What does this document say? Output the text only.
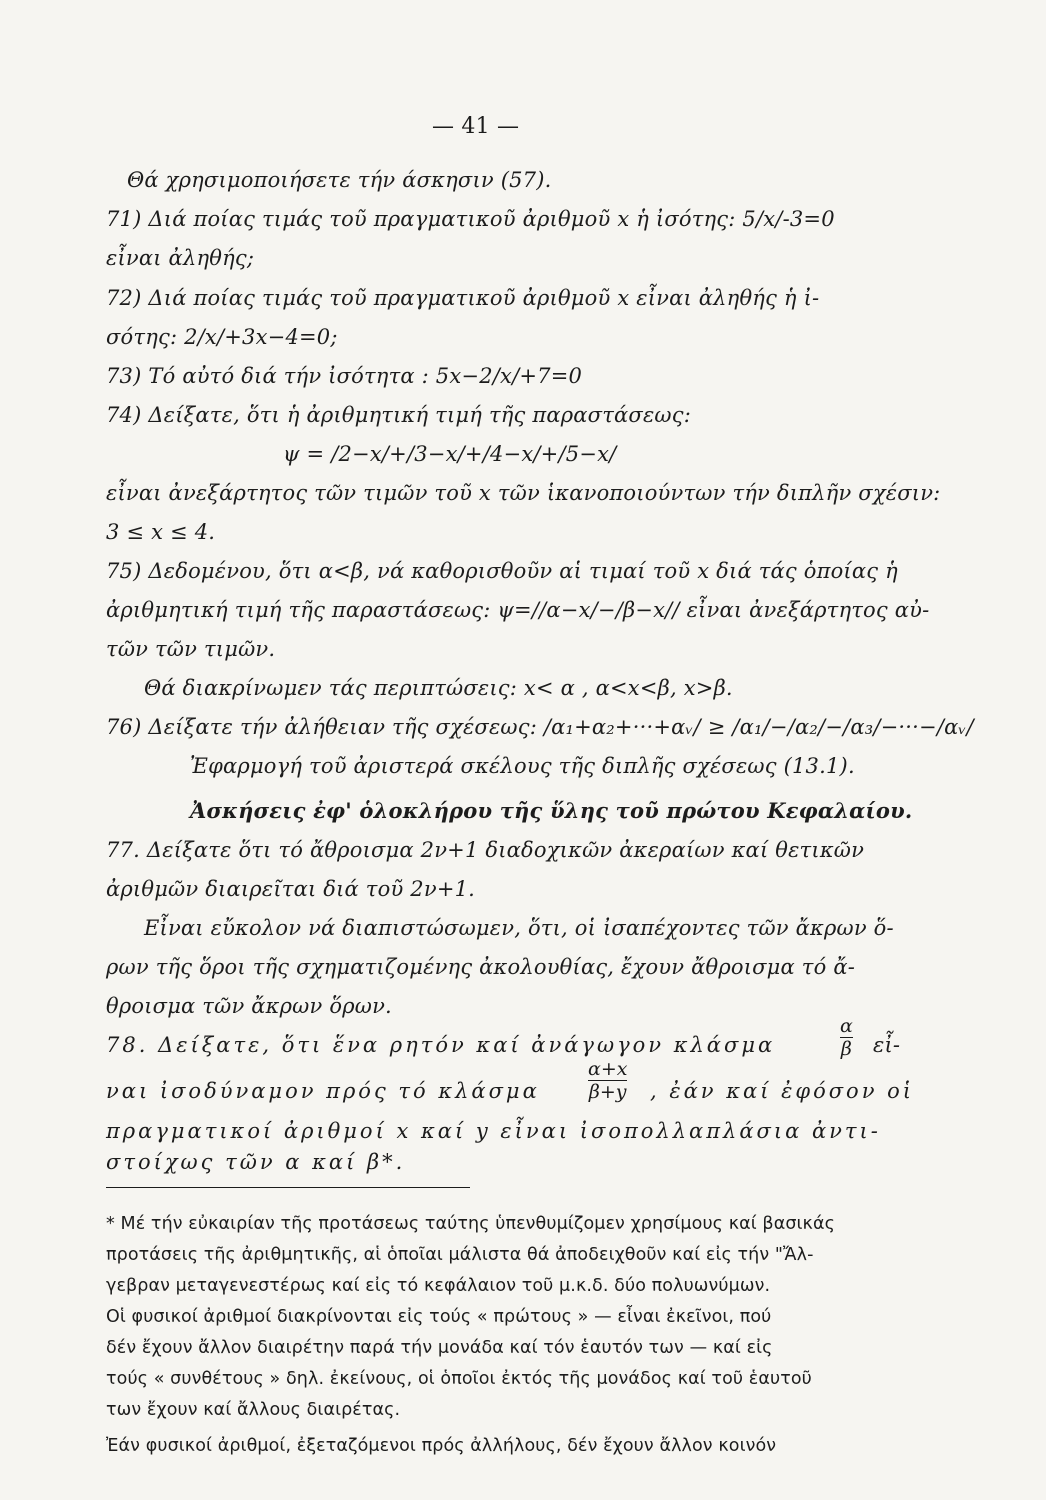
— 41 —

Θά χρησιμοποιήσετε τήν άσκησιν (57).

71) Διά ποίας τιμάς τοῦ πραγματικοῦ ἀριθμοῦ x ἡ ἰσότης: 5/x/-3=0

εἶναι ἀληθής;

72) Διά ποίας τιμάς τοῦ πραγματικοῦ ἀριθμοῦ x εἶναι ἀληθής ἡ ἰ-

σότης: 2/x/+3x−4=0;

73) Τό αὐτό διά τήν ἰσότητα : 5x−2/x/+7=0

74) Δείξατε, ὅτι ἡ ἀριθμητική τιμή τῆς παραστάσεως:

ψ = /2−x/+/3−x/+/4−x/+/5−x/

εἶναι ἀνεξάρτητος τῶν τιμῶν τοῦ x τῶν ἱκανοποιούντων τήν διπλῆν σχέσιν:

3 ≤ x ≤ 4.

75) Δεδομένου, ὅτι α<β, νά καθορισθοῦν αἱ τιμαί τοῦ x διά τάς ὁποίας ἡ

ἀριθμητική τιμή τῆς παραστάσεως: ψ=//α−x/−/β−x// εἶναι ἀνεξάρτητος αὐ-

τῶν τῶν τιμῶν.

Θά διακρίνωμεν τάς περιπτώσεις: x< α , α<x<β, x>β.

76) Δείξατε τήν ἀλήθειαν τῆς σχέσεως: /α₁+α₂+···+αᵥ/ ≥ /α₁/−/α₂/−/α₃/−···−/αᵥ/

Ἐφαρμογή τοῦ ἀριστερά σκέλους τῆς διπλῆς σχέσεως (13.1).

Ἀσκήσεις ἐφ' ὁλοκλήρου τῆς ὕλης τοῦ πρώτου Κεφαλαίου.

77. Δείξατε ὅτι τό ἄθροισμα 2ν+1 διαδοχικῶν ἀκεραίων καί θετικῶν

ἀριθμῶν διαιρεῖται διά τοῦ 2ν+1.

Εἶναι εὔκολον νά διαπιστώσωμεν, ὅτι, οἱ ἰσαπέχοντες τῶν ἄκρων ὅ-

ρων τῆς ὅροι τῆς σχηματιζομένης ἀκολουθίας, ἔχουν ἄθροισμα τό ἄ-

θροισμα τῶν ἄκρων ὅρων.

78. Δείξατε, ὅτι ἕνα ρητόν καί ἀνάγωγον κλάσμα

α
β εἶ-

ναι ἰσοδύναμον πρός τό κλάσμα

α+x
β+y , ἐάν καί ἐφόσον οἱ

πραγματικοί ἀριθμοί x καί y εἶναι ἰσοπολλαπλάσια ἀντι-

στοίχως τῶν α καί β*.

* Μέ τήν εὐκαιρίαν τῆς προτάσεως ταύτης ὑπενθυμίζομεν χρησίμους καί βασικάς

προτάσεις τῆς ἀριθμητικῆς, αἱ ὁποῖαι μάλιστα θά ἀποδειχθοῦν καί εἰς τήν "Ἄλ-

γεβραν μεταγενεστέρως καί εἰς τό κεφάλαιον τοῦ μ.κ.δ. δύο πολυωνύμων.

Οἱ φυσικοί ἀριθμοί διακρίνονται εἰς τούς « πρώτους » — εἶναι ἐκεῖνοι, πού

δέν ἔχουν ἄλλον διαιρέτην παρά τήν μονάδα καί τόν ἑαυτόν των — καί εἰς

τούς « συνθέτους » δηλ. ἐκείνους, οἱ ὁποῖοι ἐκτός τῆς μονάδος καί τοῦ ἑαυτοῦ

των ἔχουν καί ἄλλους διαιρέτας.

Ἐάν φυσικοί ἀριθμοί, ἐξεταζόμενοι πρός ἀλλήλους, δέν ἔχουν ἄλλον κοινόν
